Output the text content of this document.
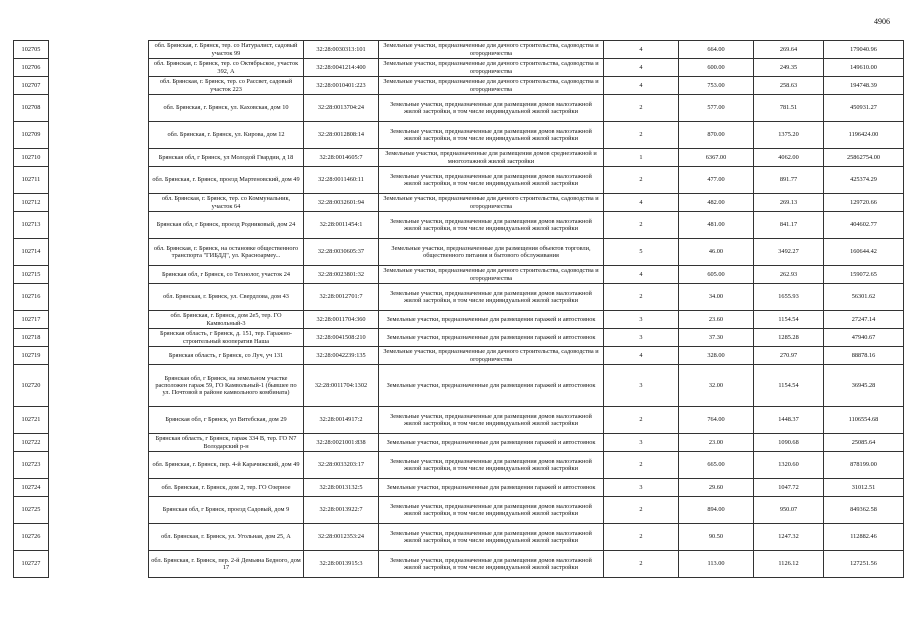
4906
102705		обл. Брянская, г. Брянск, тер. со Натуралист, садовый участок 99	32:28:0030313:101	Земельные участки, предназначенные для дачного строительства, садоводства и огородничества	4	664.00	269.64	179040.96
102706		обл. Брянская, г. Брянск, тер. со Октябрьское, участок 392, А	32:28:0041214:400	Земельные участки, предназначенные для дачного строительства, садоводства и огородничества	4	600.00	249.35	149610.00
102707		обл. Брянская, г. Брянск, тер. со Рассвет, садовый участок 223	32:28:0010401:223	Земельные участки, предназначенные для дачного строительства, садоводства и огородничества	4	753.00	258.63	194748.39
102708		обл. Брянская, г. Брянск, ул. Кaховская, дом 10	32:28:0013704:24	Земельные участки, предназначенные для размещения домов малоэтажной жилой застройки, в том числе индивидуальной жилой застройки	2	577.00	781.51	450931.27
102709		обл. Брянская, г. Брянск, ул. Кирова, дом 12	32:28:0012808:14	Земельные участки, предназначенные для размещения домов малоэтажной жилой застройки, в том числе индивидуальной жилой застройки	2	870.00	1375.20	1196424.00
102710		Брянская обл, г Брянск, ул Молодой Гвардии, д 18	32:28:0014605:7	Земельные участки, предназначенные для размещения домов среднеэтажной и многоэтажной жилой застройки	1	6367.00	4062.00	25862754.00
102711		обл. Брянская, г. Брянск, проезд Мартеновский, дом 49	32:28:0011460:11	Земельные участки, предназначенные для размещения домов малоэтажной жилой застройки, в том числе индивидуальной жилой застройки	2	477.00	891.77	425374.29
102712		обл. Брянская, г. Брянск, тер. со Коммунальник, участок 64	32:28:0032601:94	Земельные участки, предназначенные для дачного строительства, садоводства и огородничества	4	482.00	269.13	129720.66
102713		Брянская обл, г Брянск, проезд Родниковый, дом 24	32:28:0011454:1	Земельные участки, предназначенные для размещения домов малоэтажной жилой застройки, в том числе индивидуальной жилой застройки	2	481.00	841.17	404602.77
102714		обл. Брянская, г. Брянск, на остановке общественного транспорта "ГИБДД", ул. Красноармеу...	32:28:0030605:37	Земельные участки, предназначенные для размещения объектов торговли, общественного питания и бытового обслуживания	5	46.00	3492.27	160644.42
102715		Брянская обл, г Брянск, со Технолог, участок 24	32:28:0023801:32	Земельные участки, предназначенные для дачного строительства, садоводства и огородничества	4	605.00	262.93	159072.65
102716		обл. Брянская, г. Брянск, ул. Свердлова, дом 43	32:28:0012701:7	Земельные участки, предназначенные для размещения домов малоэтажной жилой застройки, в том числе индивидуальной жилой застройки	2	34.00	1655.93	56301.62
102717		обл. Брянская, г. Брянск, дом 2е5, тер. ГО Камвольный-3	32:28:0011704:360	Земельные участки, предназначенные для размещения гаражей и автостоянок	3	23.60	1154.54	27247.14
102718		Брянская область, г Брянск, д. 151, тер. Гаражно-строительный кооператив Наша	32:28:0041508:210	Земельные участки, предназначенные для размещения гаражей и автостоянок	3	37.30	1285.28	47940.67
102719		Брянская область, г Брянск, со Луч, уч 131	32:28:0042239:135	Земельные участки, предназначенные для дачного строительства, садоводства и огородничества	4	328.00	270.97	88878.16
102720		Брянская обл, г Брянск, на земельном участке расположен гараж 59, ГО Камвольный-1 (бывшее по ул. Почтовой в районе камвольного комбината)	32:28:0011704:1302	Земельные участки, предназначенные для размещения гаражей и автостоянок	3	32.00	1154.54	36945.28
102721		Брянская обл, г Брянск, ул Витебская, дом 29	32:28:0014917:2	Земельные участки, предназначенные для размещения домов малоэтажной жилой застройки, в том числе индивидуальной жилой застройки	2	764.00	1448.37	1106554.68
102722		Брянская область, г Брянск, гараж 334 В, тер. ГО N7 Володарский р-н	32:28:0021001:838	Земельные участки, предназначенные для размещения гаражей и автостоянок	3	23.00	1090.68	25085.64
102723		обл. Брянская, г. Брянск, пер. 4-й Карачижский, дом 49	32:28:0033203:17	Земельные участки, предназначенные для размещения домов малоэтажной жилой застройки, в том числе индивидуальной жилой застройки	2	665.00	1320.60	878199.00
102724		обл. Брянская, г. Брянск, дом 2, тер. ГО Озерное	32:28:0013132:5	Земельные участки, предназначенные для размещения гаражей и автостоянок	3	29.60	1047.72	31012.51
102725		Брянская обл, г Брянск, проезд Садовый, дом 9	32:28:0013922:7	Земельные участки, предназначенные для размещения домов малоэтажной жилой застройки, в том числе индивидуальной жилой застройки	2	894.00	950.07	849362.58
102726		обл. Брянская, г. Брянск, ул. Угольная, дом 25, А	32:28:0012353:24	Земельные участки, предназначенные для размещения домов малоэтажной жилой застройки, в том числе индивидуальной жилой застройки	2	90.50	1247.32	112882.46
102727		обл. Брянская, г. Брянск, пер. 2-й Демьяна Бедного, дом 17	32:28:0013915:3	Земельные участки, предназначенные для размещения домов малоэтажной жилой застройки, в том числе индивидуальной жилой застройки	2	113.00	1126.12	127251.56
